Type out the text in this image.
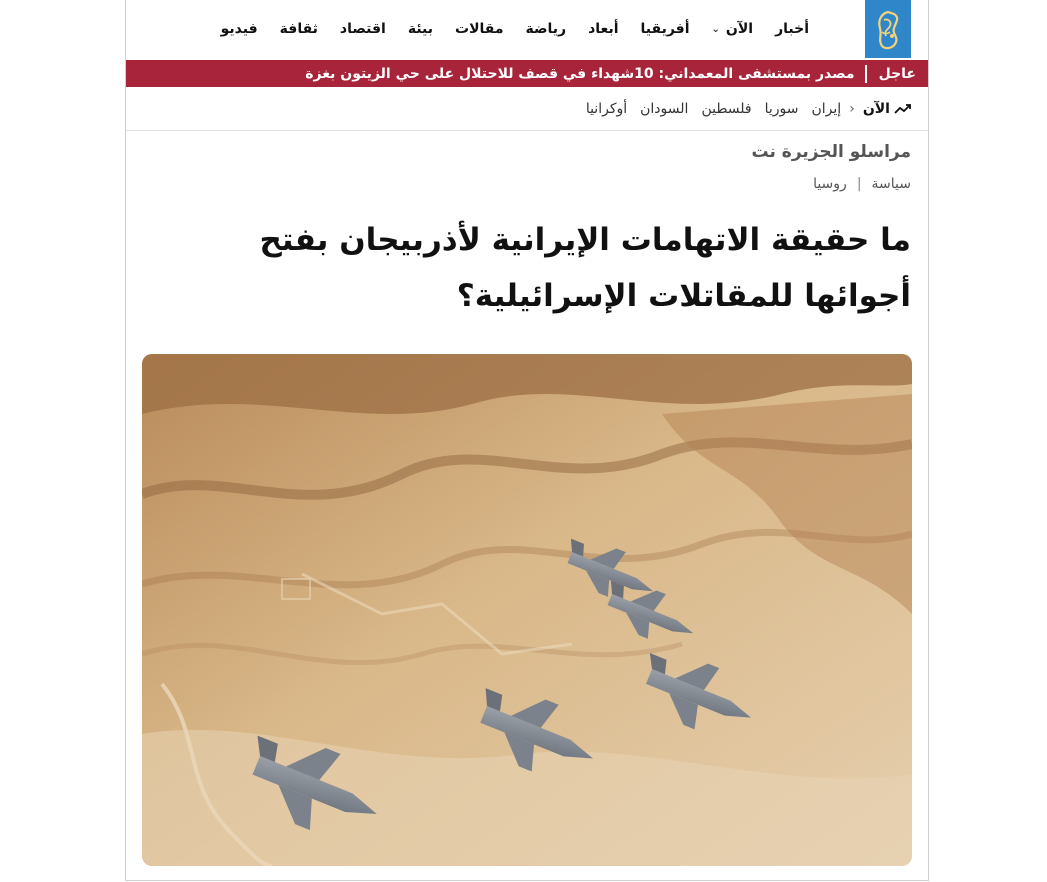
أخبار
الآن
⌄
أفريقيا
أبعاد
رياضة
مقالات
بيئة
اقتصاد
ثقافة
فيديو
عاجل
مصدر بمستشفى المعمداني: 10شهداء في قصف للاحتلال على حي الزيتون بغزة
الآن
‹
إيران
سوريا
فلسطين
السودان
أوكرانيا
مراسلو الجزيرة نت
سياسة
|
روسيا
ما حقيقة الاتهامات الإيرانية لأذربيجان بفتح
أجوائها للمقاتلات الإسرائيلية؟
